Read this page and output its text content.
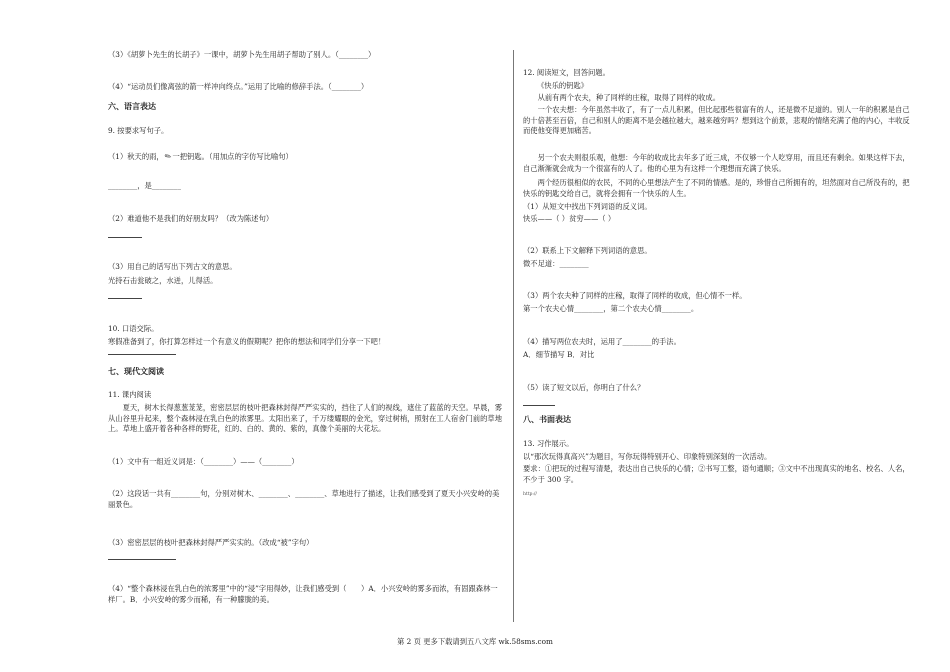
（3）《胡萝卜先生的长胡子》一课中，胡萝卜先生用胡子帮助了别人。（________）
（4）“运动员们像离弦的箭一样冲向终点。”运用了比喻的修辞手法。（________）
六、语言表达
9. 按要求写句子。
（1）秋天的雨，✎一把钥匙。（用加点的字仿写比喻句）
________，是________
（2）难道他不是我们的好朋友吗？（改为陈述句）
（3）用自己的话写出下列古文的意思。
光持石击瓮破之，水迸，儿得活。
10. 口语交际。
寒假准备到了，你打算怎样过一个有意义的假期呢？把你的想法和同学们分享一下吧！
七、现代文阅读
11. 课内阅读
夏天，树木长得葱葱茏茏，密密层层的枝叶把森林封得严严实实的，挡住了人们的视线，遮住了蓝蓝的天空。早晨，雾从山谷里升起来，整个森林浸在乳白色的浓雾里。太阳出来了，千万缕耀眼的金光，穿过树梢，照射在工人宿舍门前的草地上。草地上盛开着各种各样的野花，红的、白的、黄的、紫的，真像个美丽的大花坛。
（1）文中有一组近义词是：（________）——（________）
（2）这段话一共有________句，分别对树木、________、________、草地进行了描述，让我们感受到了夏天小兴安岭的美丽景色。
（3）密密层层的枝叶把森林封得严严实实的。（改成“被”字句）
（4）“整个森林浸在乳白色的浓雾里”中的“浸”字用得妙，让我们感受到（　　）A．小兴安岭的雾多而浓，有固跟森林一样厂。B．小兴安岭的雾少而稀，有一种朦胧的美。
12. 阅读短文，回答问题。
《快乐的钥匙》
从前有两个农夫，种了同样的庄稼，取得了同样的收成。
一个农夫想：今年虽然丰收了，有了一点儿积累，但比起那些很富有的人，还是微不足道的。别人一年的积累是自己的十倍甚至百倍，自己和别人的距离不是会越拉越大，越来越穷吗？想到这个前景，悲观的情绪充满了他的内心，丰收反而使他变得更加痛苦。
另一个农夫则很乐观，他想：今年的收成比去年多了近三成，不仅够一个人吃穿用，而且还有剩余。如果这样下去，自己渐渐就会成为一个很富有的人了。他的心里为有这样一个理想而充满了快乐。
两个经历很相似的农民，不同的心里想法产生了不同的情感。是的，珍惜自己所拥有的，坦然面对自己所没有的，把快乐的钥匙交给自己，就将会拥有一个快乐的人生。
（1）从短文中找出下列词语的反义词。
快乐——（ ）贫穷——（ ）
（2）联系上下文解释下列词语的意思。
微不足道：________
（3）两个农夫种了同样的庄稼，取得了同样的收成，但心情不一样。
第一个农夫心情________，第二个农夫心情________。
（4）描写两位农夫时，运用了________的手法。
A．细节描写 B．对比
（5）读了短文以后，你明白了什么？
八、书面表达
13. 习作展示。
以“那次玩得真高兴”为题目，写你玩得特别开心、印象特别深刻的一次活动。
要求：①把玩的过程写清楚，表达出自己快乐的心情；②书写工整，语句通顺；③文中不出现真实的地名、校名、人名，不少于 300 字。
http://
第 2 页 更多下载请到五八文库 wk.58sms.com
